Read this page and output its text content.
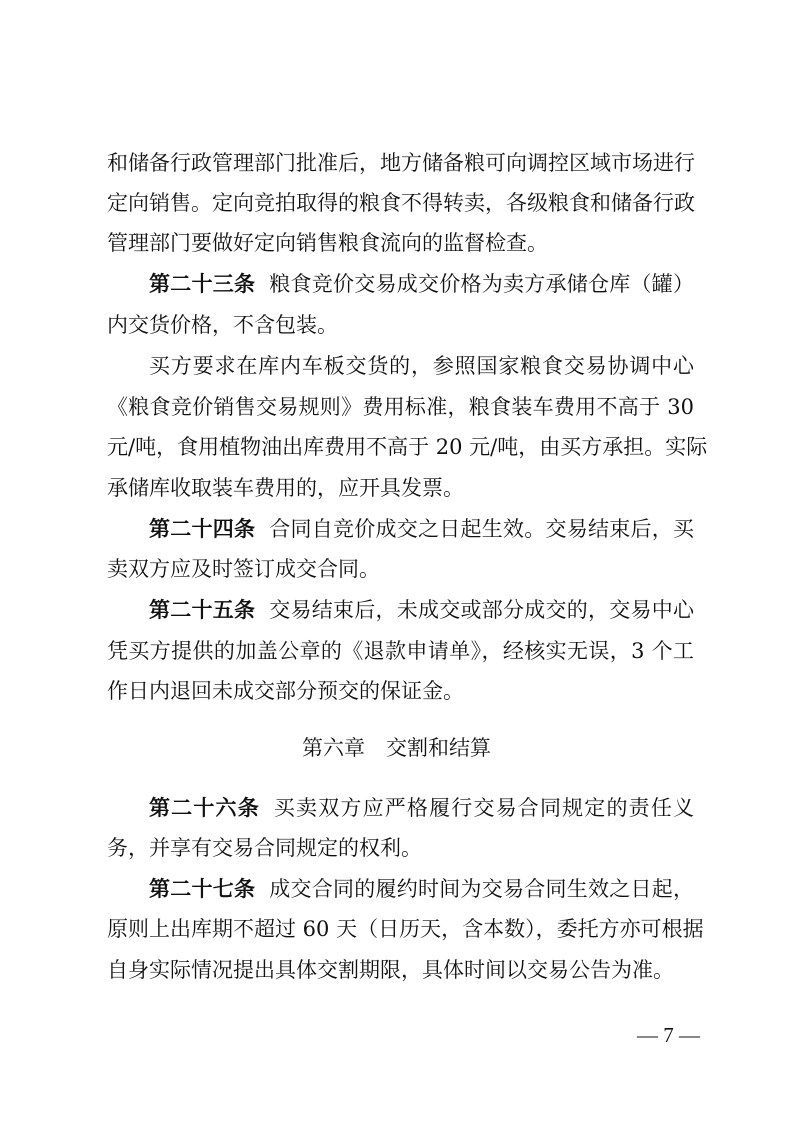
和储备行政管理部门批准后，地方储备粮可向调控区域市场进行
定向销售。定向竞拍取得的粮食不得转卖，各级粮食和储备行政
管理部门要做好定向销售粮食流向的监督检查。
第二十三条 粮食竞价交易成交价格为卖方承储仓库（罐）
内交货价格，不含包装。
买方要求在库内车板交货的，参照国家粮食交易协调中心
《粮食竞价销售交易规则》费用标准，粮食装车费用不高于 30
元/吨，食用植物油出库费用不高于 20 元/吨，由买方承担。实际
承储库收取装车费用的，应开具发票。
第二十四条 合同自竞价成交之日起生效。交易结束后，买
卖双方应及时签订成交合同。
第二十五条 交易结束后，未成交或部分成交的，交易中心
凭买方提供的加盖公章的《退款申请单》，经核实无误，3 个工
作日内退回未成交部分预交的保证金。
第六章　交割和结算
第二十六条 买卖双方应严格履行交易合同规定的责任义
务，并享有交易合同规定的权利。
第二十七条 成交合同的履约时间为交易合同生效之日起，
原则上出库期不超过 60 天（日历天，含本数），委托方亦可根据
自身实际情况提出具体交割期限，具体时间以交易公告为准。
— 7 —
